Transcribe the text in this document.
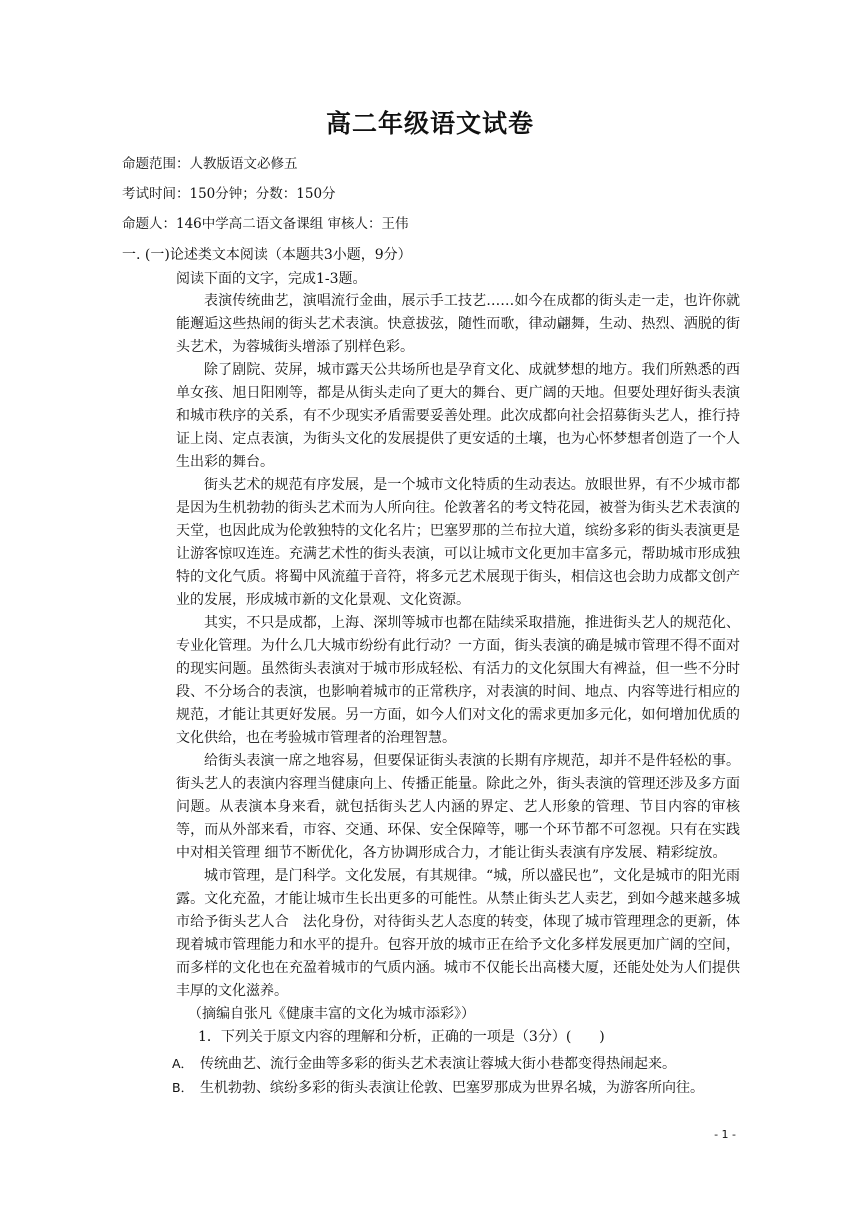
高二年级语文试卷
命题范围：人教版语文必修五
考试时间：150分钟；分数：150分
命题人：146中学高二语文备课组 审核人：王伟
一. (一)论述类文本阅读（本题共3小题，9分）
阅读下面的文字，完成1-3题。

表演传统曲艺，演唱流行金曲，展示手工技艺……如今在成都的街头走一走，也许你就能邂逅这些热闹的街头艺术表演。快意拔弦，随性而歌，律动翩舞，生动、热烈、洒脱的街头艺术，为蓉城街头增添了别样色彩。

除了剧院、荧屏，城市露天公共场所也是孕育文化、成就梦想的地方。我们所熟悉的西单女孩、旭日阳刚等，都是从街头走向了更大的舞台、更广阔的天地。但要处理好街头表演和城市秩序的关系，有不少现实矛盾需要妥善处理。此次成都向社会招募街头艺人，推行持证上岗、定点表演，为街头文化的发展提供了更安适的土壤，也为心怀梦想者创造了一个人生出彩的舞台。

街头艺术的规范有序发展，是一个城市文化特质的生动表达。放眼世界，有不少城市都是因为生机勃勃的街头艺术而为人所向往。伦敦著名的考文特花园，被誉为街头艺术表演的天堂，也因此成为伦敦独特的文化名片；巴塞罗那的兰布拉大道，缤纷多彩的街头表演更是让游客惊叹连连。充满艺术性的街头表演，可以让城市文化更加丰富多元，帮助城市形成独特的文化气质。将蜀中风流蕴于音符，将多元艺术展现于街头，相信这也会助力成都文创产业的发展，形成城市新的文化景观、文化资源。

其实，不只是成都，上海、深圳等城市也都在陆续采取措施，推进街头艺人的规范化、专业化管理。为什么几大城市纷纷有此行动？一方面，街头表演的确是城市管理不得不面对的现实问题。虽然街头表演对于城市形成轻松、有活力的文化氛围大有裨益，但一些不分时段、不分场合的表演，也影响着城市的正常秩序，对表演的时间、地点、内容等进行相应的规范，才能让其更好发展。另一方面，如今人们对文化的需求更加多元化，如何增加优质的文化供给，也在考验城市管理者的治理智慧。

给街头表演一席之地容易，但要保证街头表演的长期有序规范，却并不是件轻松的事。街头艺人的表演内容理当健康向上、传播正能量。除此之外，街头表演的管理还涉及多方面问题。从表演本身来看，就包括街头艺人内涵的界定、艺人形象的管理、节目内容的审核等，而从外部来看，市容、交通、环保、安全保障等，哪一个环节都不可忽视。只有在实践中对相关管理 细节不断优化，各方协调形成合力，才能让街头表演有序发展、精彩绽放。

城市管理，是门科学。文化发展，有其规律。“城，所以盛民也”，文化是城市的阳光雨露。文化充盈，才能让城市生长出更多的可能性。从禁止街头艺人卖艺，到如今越来越多城市给予街头艺人合　法化身份，对待街头艺人态度的转变，体现了城市管理理念的更新，体现着城市管理能力和水平的提升。包容开放的城市正在给予文化多样发展更加广阔的空间，而多样的文化也在充盈着城市的气质内涵。城市不仅能长出高楼大厦，还能处处为人们提供丰厚的文化滋养。

（摘编自张凡《健康丰富的文化为城市添彩》）

1．下列关于原文内容的理解和分析，正确的一项是（3分）(　　)

A． 传统曲艺、流行金曲等多彩的街头艺术表演让蓉城大街小巷都变得热闹起来。
B． 生机勃勃、缤纷多彩的街头表演让伦敦、巴塞罗那成为世界名城，为游客所向往。
- 1 -
